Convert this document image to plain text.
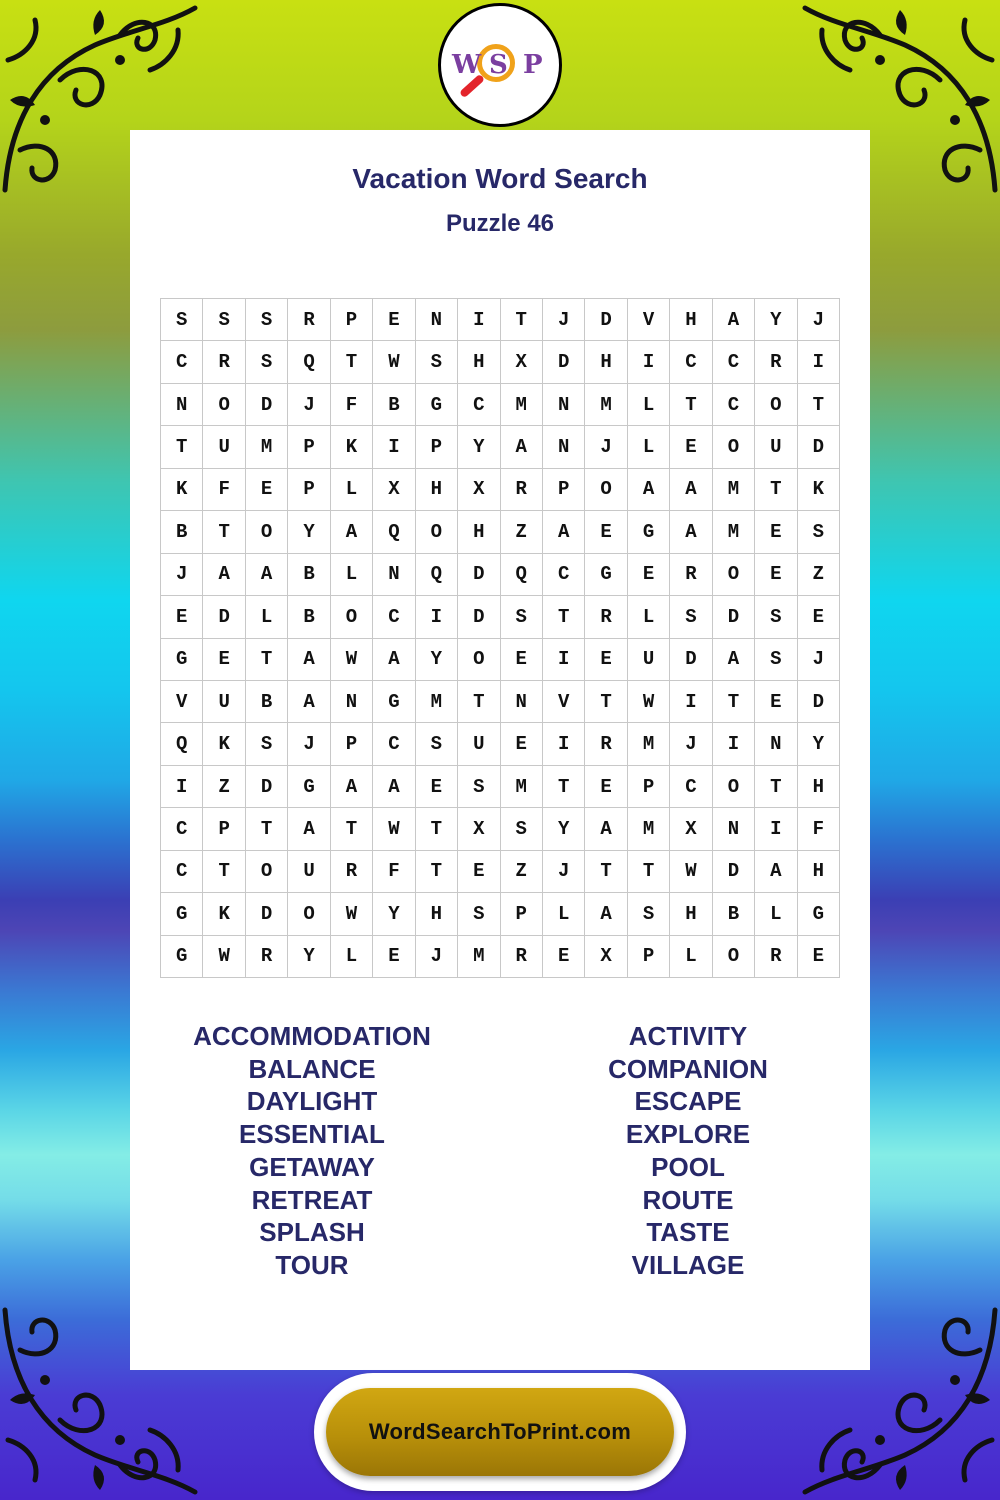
W S P
Vacation Word Search
Puzzle 46
S	S	S	R	P	E	N	I	T	J	D	V	H	A	Y	J
C	R	S	Q	T	W	S	H	X	D	H	I	C	C	R	I
N	O	D	J	F	B	G	C	M	N	M	L	T	C	O	T
T	U	M	P	K	I	P	Y	A	N	J	L	E	O	U	D
K	F	E	P	L	X	H	X	R	P	O	A	A	M	T	K
B	T	O	Y	A	Q	O	H	Z	A	E	G	A	M	E	S
J	A	A	B	L	N	Q	D	Q	C	G	E	R	O	E	Z
E	D	L	B	O	C	I	D	S	T	R	L	S	D	S	E
G	E	T	A	W	A	Y	O	E	I	E	U	D	A	S	J
V	U	B	A	N	G	M	T	N	V	T	W	I	T	E	D
Q	K	S	J	P	C	S	U	E	I	R	M	J	I	N	Y
I	Z	D	G	A	A	E	S	M	T	E	P	C	O	T	H
C	P	T	A	T	W	T	X	S	Y	A	M	X	N	I	F
C	T	O	U	R	F	T	E	Z	J	T	T	W	D	A	H
G	K	D	O	W	Y	H	S	P	L	A	S	H	B	L	G
G	W	R	Y	L	E	J	M	R	E	X	P	L	O	R	E
ACCOMMODATION
BALANCE
DAYLIGHT
ESSENTIAL
GETAWAY
RETREAT
SPLASH
TOUR
ACTIVITY
COMPANION
ESCAPE
EXPLORE
POOL
ROUTE
TASTE
VILLAGE
WordSearchToPrint.com
